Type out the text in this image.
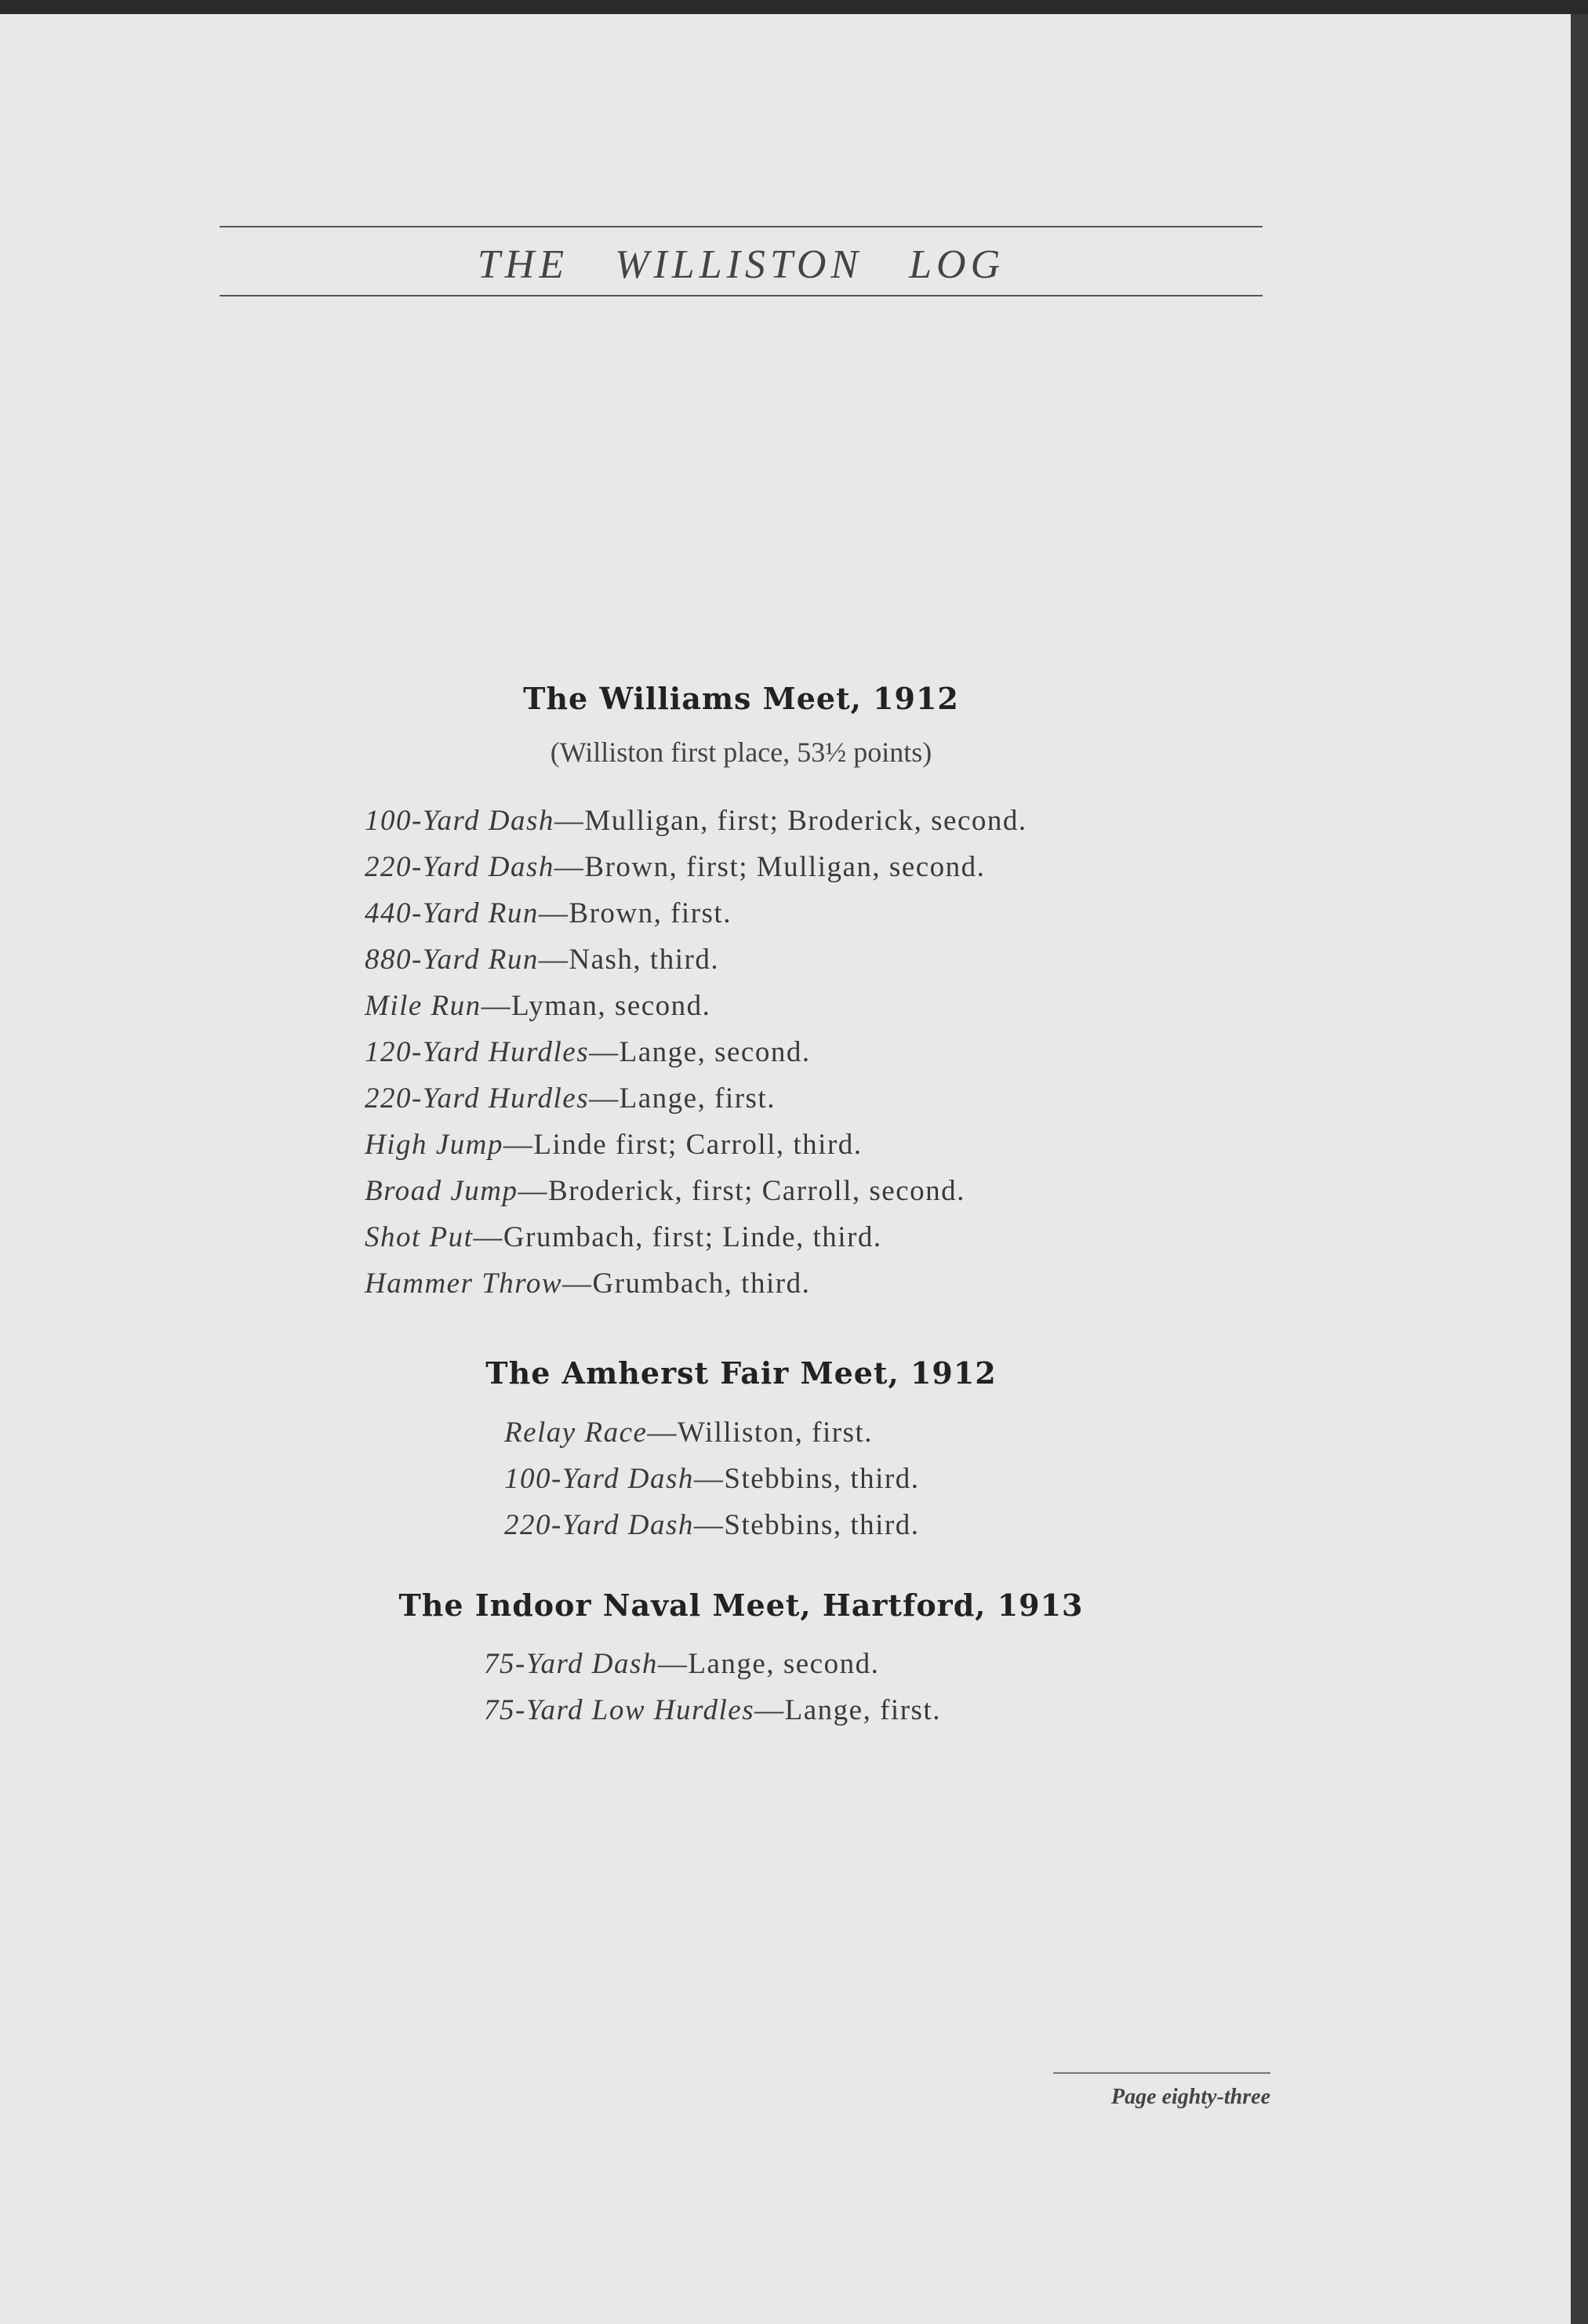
THE WILLISTON LOG
The Williams Meet, 1912
(Williston first place, 53½ points)
100-Yard Dash—Mulligan, first; Broderick, second.
220-Yard Dash—Brown, first; Mulligan, second.
440-Yard Run—Brown, first.
880-Yard Run—Nash, third.
Mile Run—Lyman, second.
120-Yard Hurdles—Lange, second.
220-Yard Hurdles—Lange, first.
High Jump—Linde first; Carroll, third.
Broad Jump—Broderick, first; Carroll, second.
Shot Put—Grumbach, first; Linde, third.
Hammer Throw—Grumbach, third.
The Amherst Fair Meet, 1912
Relay Race—Williston, first.
100-Yard Dash—Stebbins, third.
220-Yard Dash—Stebbins, third.
The Indoor Naval Meet, Hartford, 1913
75-Yard Dash—Lange, second.
75-Yard Low Hurdles—Lange, first.
Page eighty-three
